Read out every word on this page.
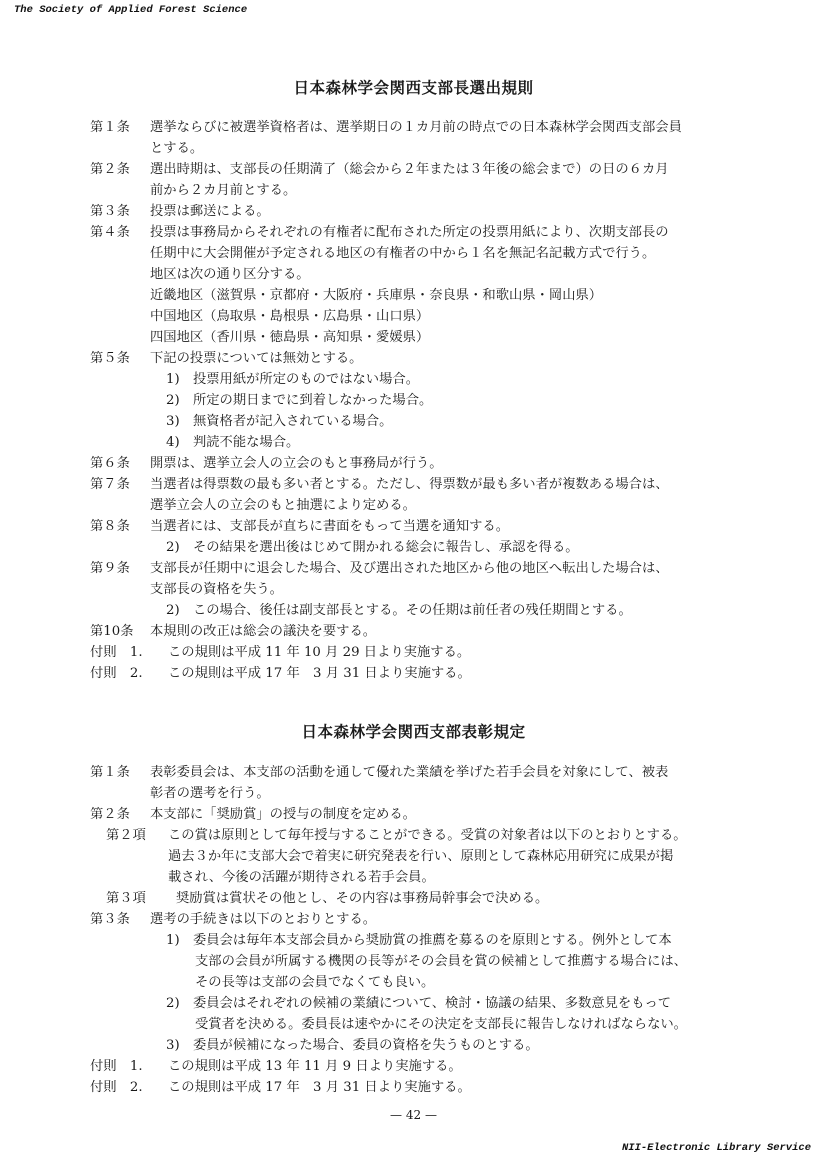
The Society of Applied Forest Science
日本森林学会関西支部長選出規則
第１条 選挙ならびに被選挙資格者は、選挙期日の１カ月前の時点での日本森林学会関西支部会員
とする。
第２条 選出時期は、支部長の任期満了（総会から２年または３年後の総会まで）の日の６カ月
前から２カ月前とする。
第３条 投票は郵送による。
第４条 投票は事務局からそれぞれの有権者に配布された所定の投票用紙により、次期支部長の
任期中に大会開催が予定される地区の有権者の中から１名を無記名記載方式で行う。
地区は次の通り区分する。
近畿地区（滋賀県・京都府・大阪府・兵庫県・奈良県・和歌山県・岡山県）
中国地区（鳥取県・島根県・広島県・山口県）
四国地区（香川県・徳島県・高知県・愛媛県）
第５条 下記の投票については無効とする。
1)　投票用紙が所定のものではない場合。
2)　所定の期日までに到着しなかった場合。
3)　無資格者が記入されている場合。
4)　判読不能な場合。
第６条 開票は、選挙立会人の立会のもと事務局が行う。
第７条 当選者は得票数の最も多い者とする。ただし、得票数が最も多い者が複数ある場合は、
選挙立会人の立会のもと抽選により定める。
第８条 当選者には、支部長が直ちに書面をもって当選を通知する。
2)　その結果を選出後はじめて開かれる総会に報告し、承認を得る。
第９条 支部長が任期中に退会した場合、及び選出された地区から他の地区へ転出した場合は、
支部長の資格を失う。
2)　この場合、後任は副支部長とする。その任期は前任者の残任期間とする。
第10条 本規則の改正は総会の議決を要する。
付則　1. この規則は平成 11 年 10 月 29 日より実施する。
付則　2. この規則は平成 17 年　3 月 31 日より実施する。
日本森林学会関西支部表彰規定
第１条 表彰委員会は、本支部の活動を通して優れた業績を挙げた若手会員を対象にして、被表
彰者の選考を行う。
第２条 本支部に「奨励賞」の授与の制度を定める。
第２項 この賞は原則として毎年授与することができる。受賞の対象者は以下のとおりとする。
過去３か年に支部大会で着実に研究発表を行い、原則として森林応用研究に成果が掲
載され、今後の活躍が期待される若手会員。
第３項 奨励賞は賞状その他とし、その内容は事務局幹事会で決める。
第３条 選考の手続きは以下のとおりとする。
1)　委員会は毎年本支部会員から奨励賞の推薦を募るのを原則とする。例外として本
支部の会員が所属する機関の長等がその会員を賞の候補として推薦する場合には、
その長等は支部の会員でなくても良い。
2)　委員会はそれぞれの候補の業績について、検討・協議の結果、多数意見をもって
受賞者を決める。委員長は速やかにその決定を支部長に報告しなければならない。
3)　委員が候補になった場合、委員の資格を失うものとする。
付則　1. この規則は平成 13 年 11 月 9 日より実施する。
付則　2. この規則は平成 17 年　3 月 31 日より実施する。
— 42 —
NII-Electronic Library Service
